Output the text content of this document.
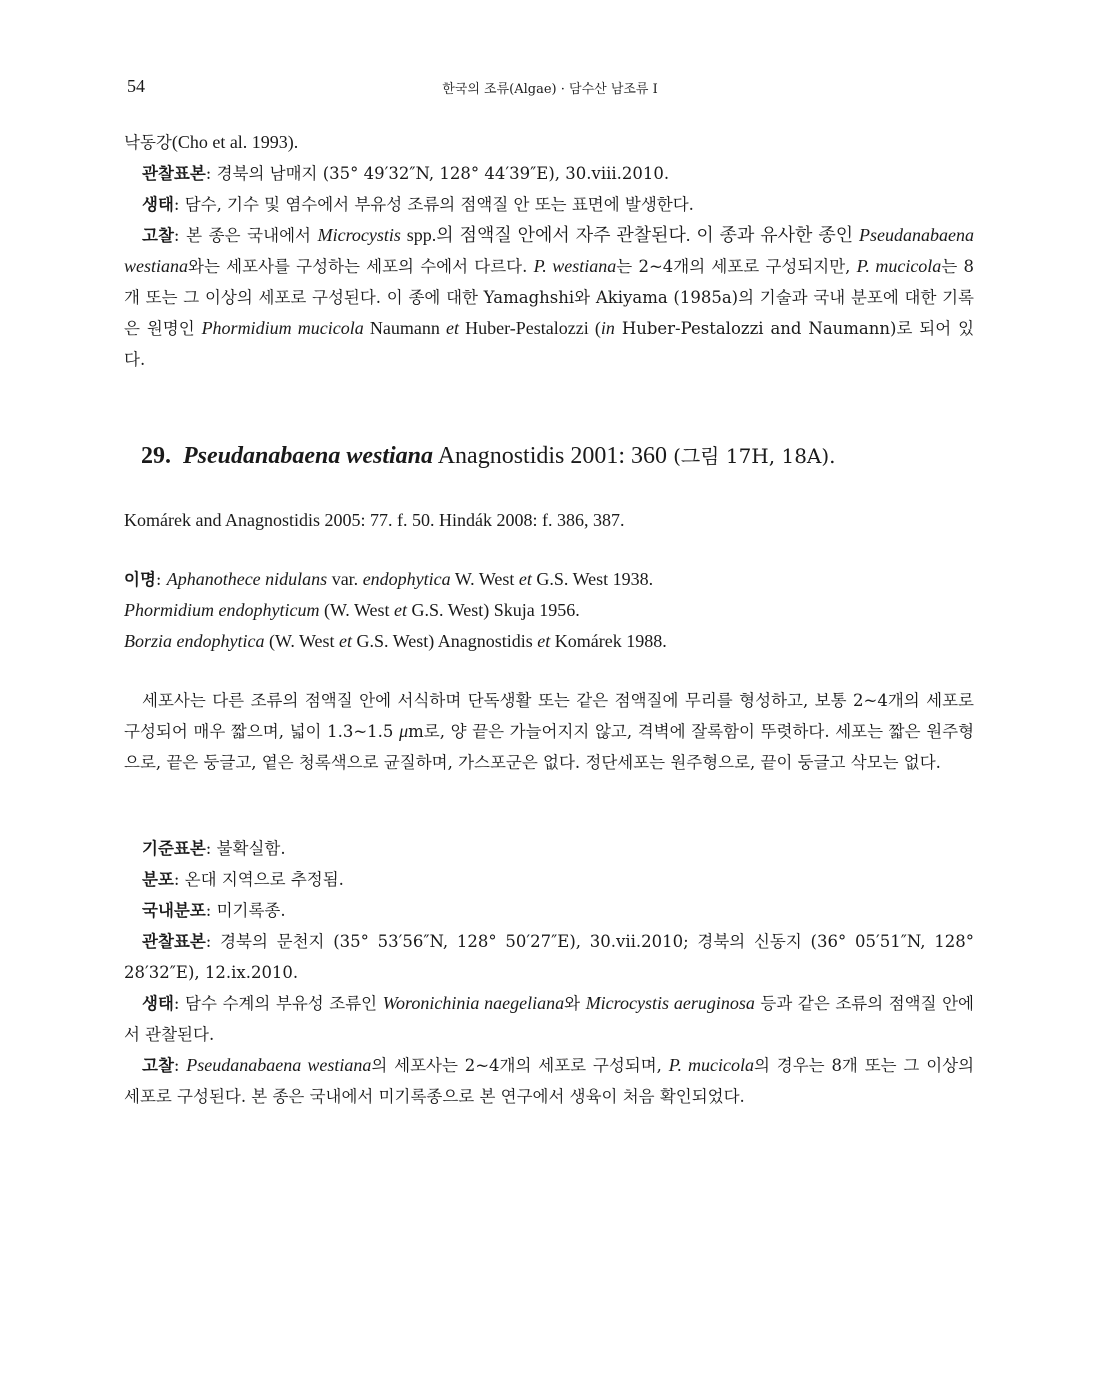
54	한국의 조류(Algae) · 담수산 남조류 I

낙동강(Cho et al. 1993).

관찰표본: 경북의 남매지 (35° 49′32″N, 128° 44′39″E), 30.viii.2010.

생태: 담수, 기수 및 염수에서 부유성 조류의 점액질 안 또는 표면에 발생한다.

고찰: 본 종은 국내에서 Microcystis spp.의 점액질 안에서 자주 관찰된다. 이 종과 유사한 종인 Pseudanabaena westiana와는 세포사를 구성하는 세포의 수에서 다르다. P. westiana는 2~4개의 세포로 구성되지만, P. mucicola는 8개 또는 그 이상의 세포로 구성된다. 이 종에 대한 Yamaghshi와 Akiyama (1985a)의 기술과 국내 분포에 대한 기록은 원명인 Phormidium mucicola Naumann et Huber-Pestalozzi (in Huber-Pestalozzi and Naumann)로 되어 있다.

29. Pseudanabaena westiana Anagnostidis 2001: 360 (그림 17H, 18A).
Komárek and Anagnostidis 2005: 77. f. 50. Hindák 2008: f. 386, 387.

이명: Aphanothece nidulans var. endophytica W. West et G.S. West 1938.

Phormidium endophyticum (W. West et G.S. West) Skuja 1956.

Borzia endophytica (W. West et G.S. West) Anagnostidis et Komárek 1988.

세포사는 다른 조류의 점액질 안에 서식하며 단독생활 또는 같은 점액질에 무리를 형성하고, 보통 2~4개의 세포로 구성되어 매우 짧으며, 넓이 1.3~1.5 μm로, 양 끝은 가늘어지지 않고, 격벽에 잘록함이 뚜렷하다. 세포는 짧은 원주형으로, 끝은 둥글고, 옅은 청록색으로 균질하며, 가스포군은 없다. 정단세포는 원주형으로, 끝이 둥글고 삭모는 없다.

기준표본: 불확실함.

분포: 온대 지역으로 추정됨.

국내분포: 미기록종.

관찰표본: 경북의 문천지 (35° 53′56″N, 128° 50′27″E), 30.vii.2010; 경북의 신동지 (36° 05′51″N, 128° 28′32″E), 12.ix.2010.

생태: 담수 수계의 부유성 조류인 Woronichinia naegeliana와 Microcystis aeruginosa 등과 같은 조류의 점액질 안에서 관찰된다.

고찰: Pseudanabaena westiana의 세포사는 2~4개의 세포로 구성되며, P. mucicola의 경우는 8개 또는 그 이상의 세포로 구성된다. 본 종은 국내에서 미기록종으로 본 연구에서 생육이 처음 확인되었다.
